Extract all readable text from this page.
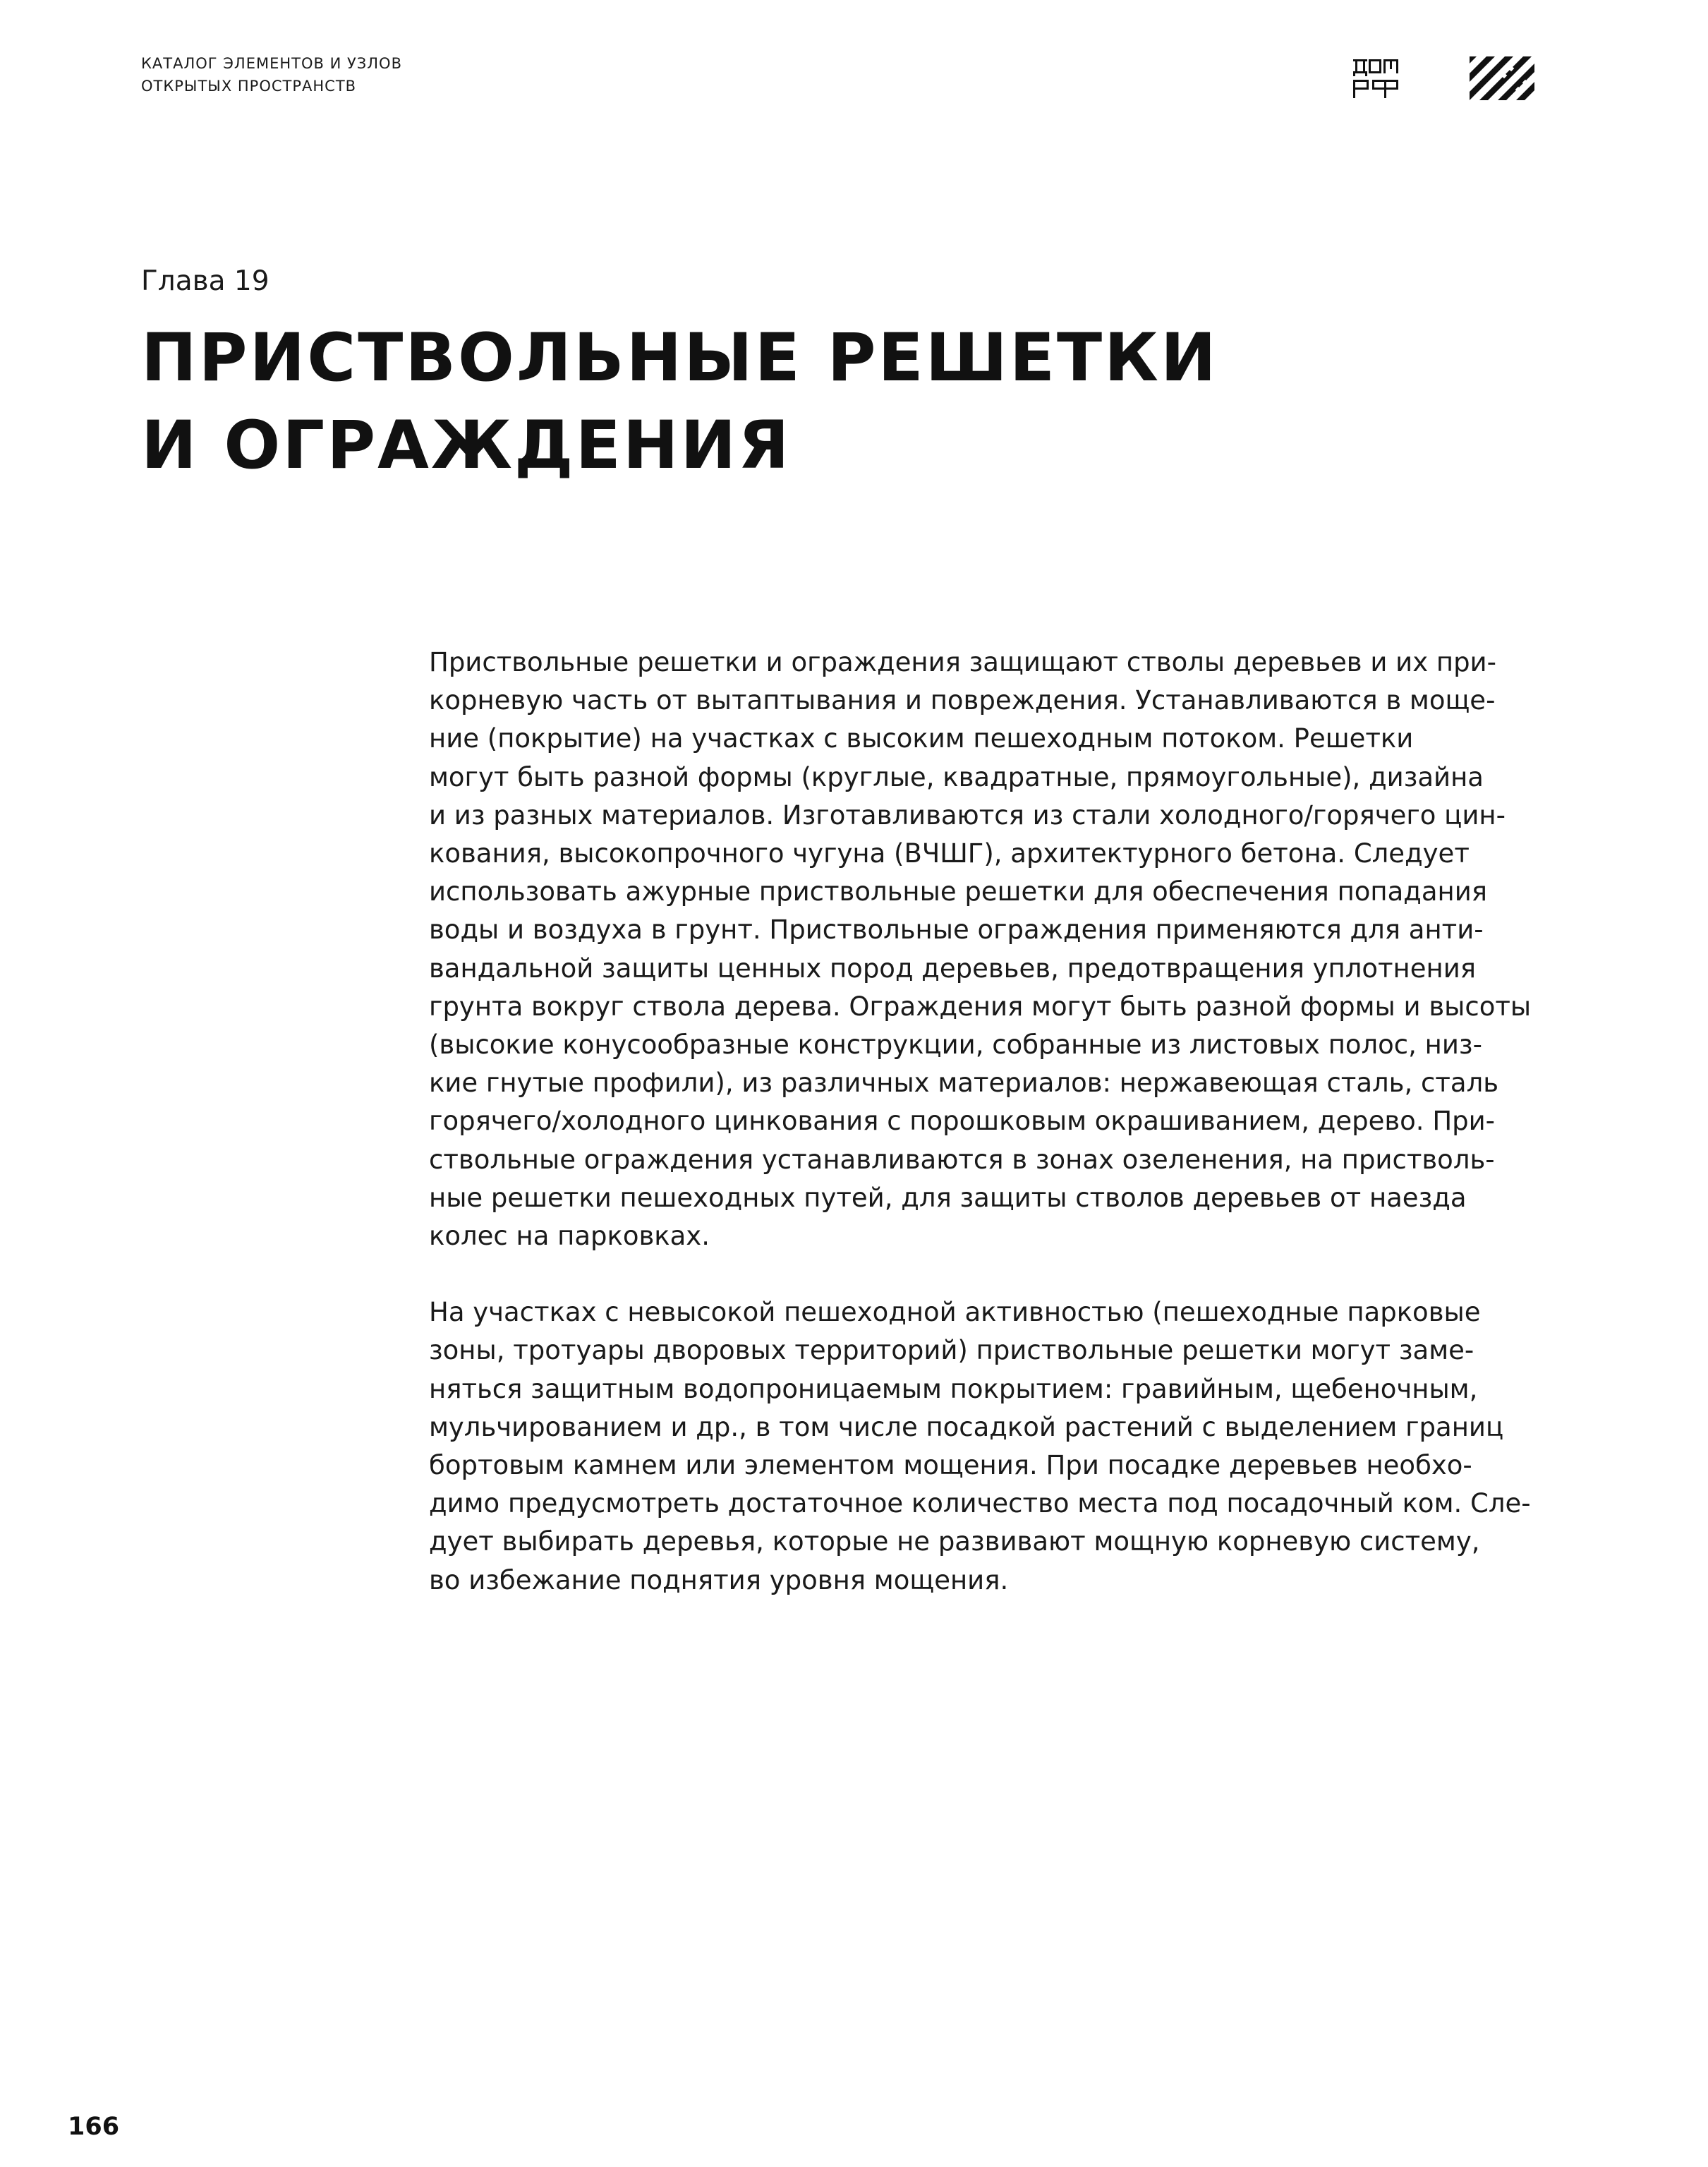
КАТАЛОГ ЭЛЕМЕНТОВ И УЗЛОВ
ОТКРЫТЫХ ПРОСТРАНСТВ
Глава 19
ПРИСТВОЛЬНЫЕ РЕШЕТКИ
И ОГРАЖДЕНИЯ

Приствольные решетки и ограждения защищают стволы деревьев и их при-
корневую часть от вытаптывания и повреждения. Устанавливаются в моще-
ние (покрытие) на участках с высоким пешеходным потоком. Решетки
могут быть разной формы (круглые, квадратные, прямоугольные), дизайна
и из разных материалов. Изготавливаются из стали холодного/горячего цин-
кования, высокопрочного чугуна (ВЧШГ), архитектурного бетона. Следует
использовать ажурные приствольные решетки для обеспечения попадания
воды и воздуха в грунт. Приствольные ограждения применяются для анти-
вандальной защиты ценных пород деревьев, предотвращения уплотнения
грунта вокруг ствола дерева. Ограждения могут быть разной формы и высоты
(высокие конусообразные конструкции, собранные из листовых полос, низ-
кие гнутые профили), из различных материалов: нержавеющая сталь, сталь
горячего/холодного цинкования с порошковым окрашиванием, дерево. При-
ствольные ограждения устанавливаются в зонах озеленения, на пристволь-
ные решетки пешеходных путей, для защиты стволов деревьев от наезда
колес на парковках.

На участках с невысокой пешеходной активностью (пешеходные парковые
зоны, тротуары дворовых территорий) приствольные решетки могут заме-
няться защитным водопроницаемым покрытием: гравийным, щебеночным,
мульчированием и др., в том числе посадкой растений с выделением границ
бортовым камнем или элементом мощения. При посадке деревьев необхо-
димо предусмотреть достаточное количество места под посадочный ком. Сле-
дует выбирать деревья, которые не развивают мощную корневую систему,
во избежание поднятия уровня мощения.

166
